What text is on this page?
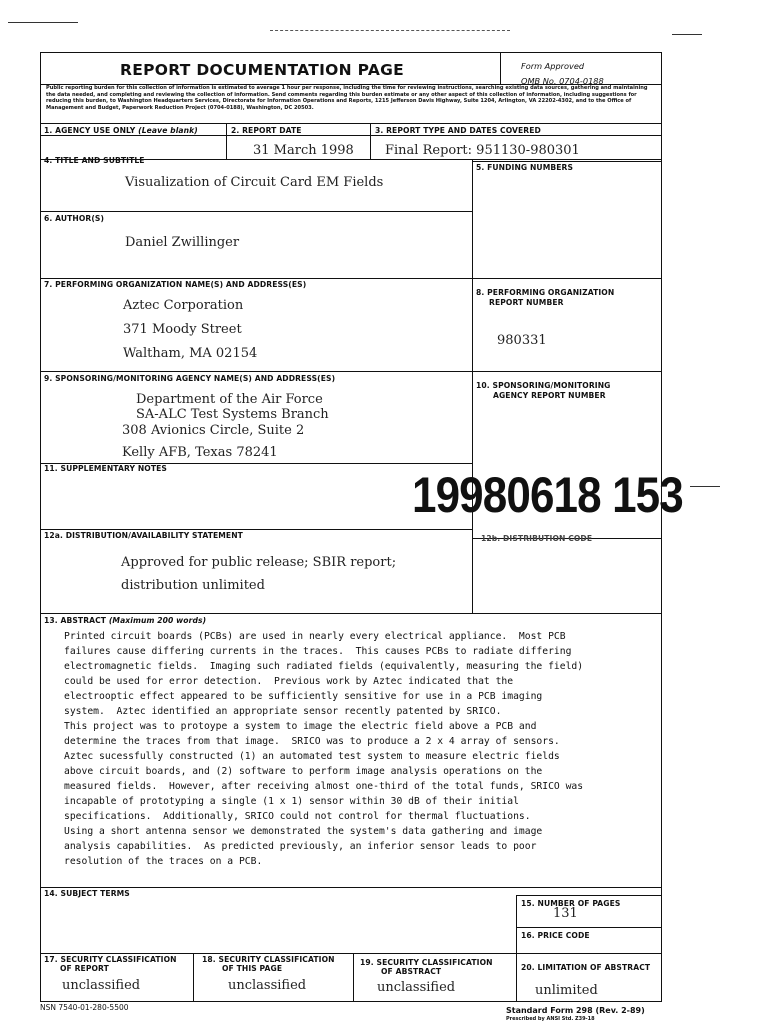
REPORT DOCUMENTATION PAGE	Form Approved
OMB No. 0704-0188
Public reporting burden for this collection of information is estimated to average 1 hour per response, including the time for reviewing instructions, searching existing data sources, gathering and maintaining the data needed, and completing and reviewing the collection of information. Send comments regarding this burden estimate or any other aspect of this collection of information, including suggestions for reducing this burden, to Washington Headquarters Services, Directorate for Information Operations and Reports, 1215 Jefferson Davis Highway, Suite 1204, Arlington, VA 22202-4302, and to the Office of Management and Budget, Paperwork Reduction Project (0704-0188), Washington, DC 20503.
1. AGENCY USE ONLY (Leave blank)	2. REPORT DATE
31 March 1998
3. REPORT TYPE AND DATES COVERED
Final Report: 951130-980301
4. TITLE AND SUBTITLE
Visualization of Circuit Card EM Fields
5. FUNDING NUMBERS
6. AUTHOR(S)
Daniel Zwillinger
7. PERFORMING ORGANIZATION NAME(S) AND ADDRESS(ES)
Aztec Corporation
371 Moody Street
Waltham, MA 02154
8. PERFORMING ORGANIZATION
REPORT NUMBER
980331
9. SPONSORING/MONITORING AGENCY NAME(S) AND ADDRESS(ES)
Department of the Air Force
SA-ALC Test Systems Branch
308 Avionics Circle, Suite 2
Kelly AFB, Texas 78241
10. SPONSORING/MONITORING
AGENCY REPORT NUMBER
11. SUPPLEMENTARY NOTES	19980618 153
12a. DISTRIBUTION/AVAILABILITY STATEMENT
Approved for public release; SBIR report;
distribution unlimited
12b. DISTRIBUTION CODE
13. ABSTRACT (Maximum 200 words)
Printed circuit boards (PCBs) are used in nearly every electrical appliance.  Most PCB
failures cause differing currents in the traces.  This causes PCBs to radiate differing
electromagnetic fields.  Imaging such radiated fields (equivalently, measuring the field)
could be used for error detection.  Previous work by Aztec indicated that the
electrooptic effect appeared to be sufficiently sensitive for use in a PCB imaging
system.  Aztec identified an appropriate sensor recently patented by SRICO.
This project was to protoype a system to image the electric field above a PCB and
determine the traces from that image.  SRICO was to produce a 2 x 4 array of sensors.
Aztec sucessfully constructed (1) an automated test system to measure electric fields
above circuit boards, and (2) software to perform image analysis operations on the
measured fields.  However, after receiving almost one-third of the total funds, SRICO was
incapable of prototyping a single (1 x 1) sensor within 30 dB of their initial
specifications.  Additionally, SRICO could not control for thermal fluctuations.
Using a short antenna sensor we demonstrated the system's data gathering and image
analysis capabilities.  As predicted previously, an inferior sensor leads to poor
resolution of the traces on a PCB.
14. SUBJECT TERMS
15. NUMBER OF PAGES
131
16. PRICE CODE
17. SECURITY CLASSIFICATION
OF REPORT
unclassified
18. SECURITY CLASSIFICATION
OF THIS PAGE
unclassified
19. SECURITY CLASSIFICATION
OF ABSTRACT
unclassified
20. LIMITATION OF ABSTRACT
unlimited
NSN 7540-01-280-5500	Standard Form 298 (Rev. 2-89)
Prescribed by ANSI Std. Z39-18
